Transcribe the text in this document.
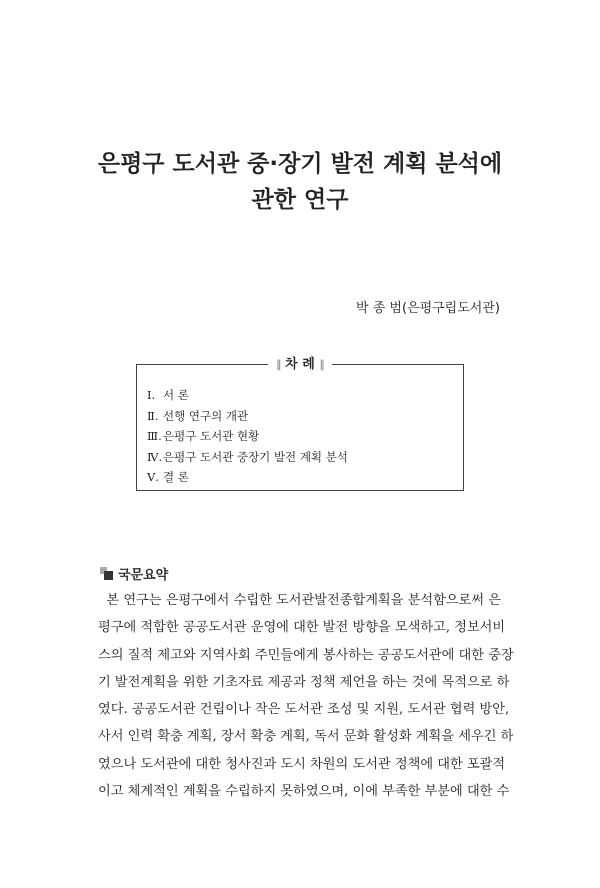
은평구 도서관 중·장기 발전 계획 분석에
관한 연구
박 종 범(은평구립도서관)
∥ 차 례 ∥
Ⅰ. 서 론
Ⅱ. 선행 연구의 개관
Ⅲ.은평구 도서관 현황
Ⅳ.은평구 도서관 중장기 발전 계획 분석
Ⅴ. 결 론
국문요약
본 연구는 은평구에서 수립한 도서관발전종합계획을 분석함으로써 은
평구에 적합한 공공도서관 운영에 대한 발전 방향을 모색하고, 정보서비
스의 질적 제고와 지역사회 주민들에게 봉사하는 공공도서관에 대한 중장
기 발전계획을 위한 기초자료 제공과 정책 제언을 하는 것에 목적으로 하
였다. 공공도서관 건립이나 작은 도서관 조성 및 지원, 도서관 협력 방안,
사서 인력 확충 계획, 장서 확충 계획, 독서 문화 활성화 계획을 세우긴 하
였으나 도서관에 대한 청사진과 도시 차원의 도서관 정책에 대한 포괄적
이고 체계적인 계획을 수립하지 못하였으며, 이에 부족한 부분에 대한 수
